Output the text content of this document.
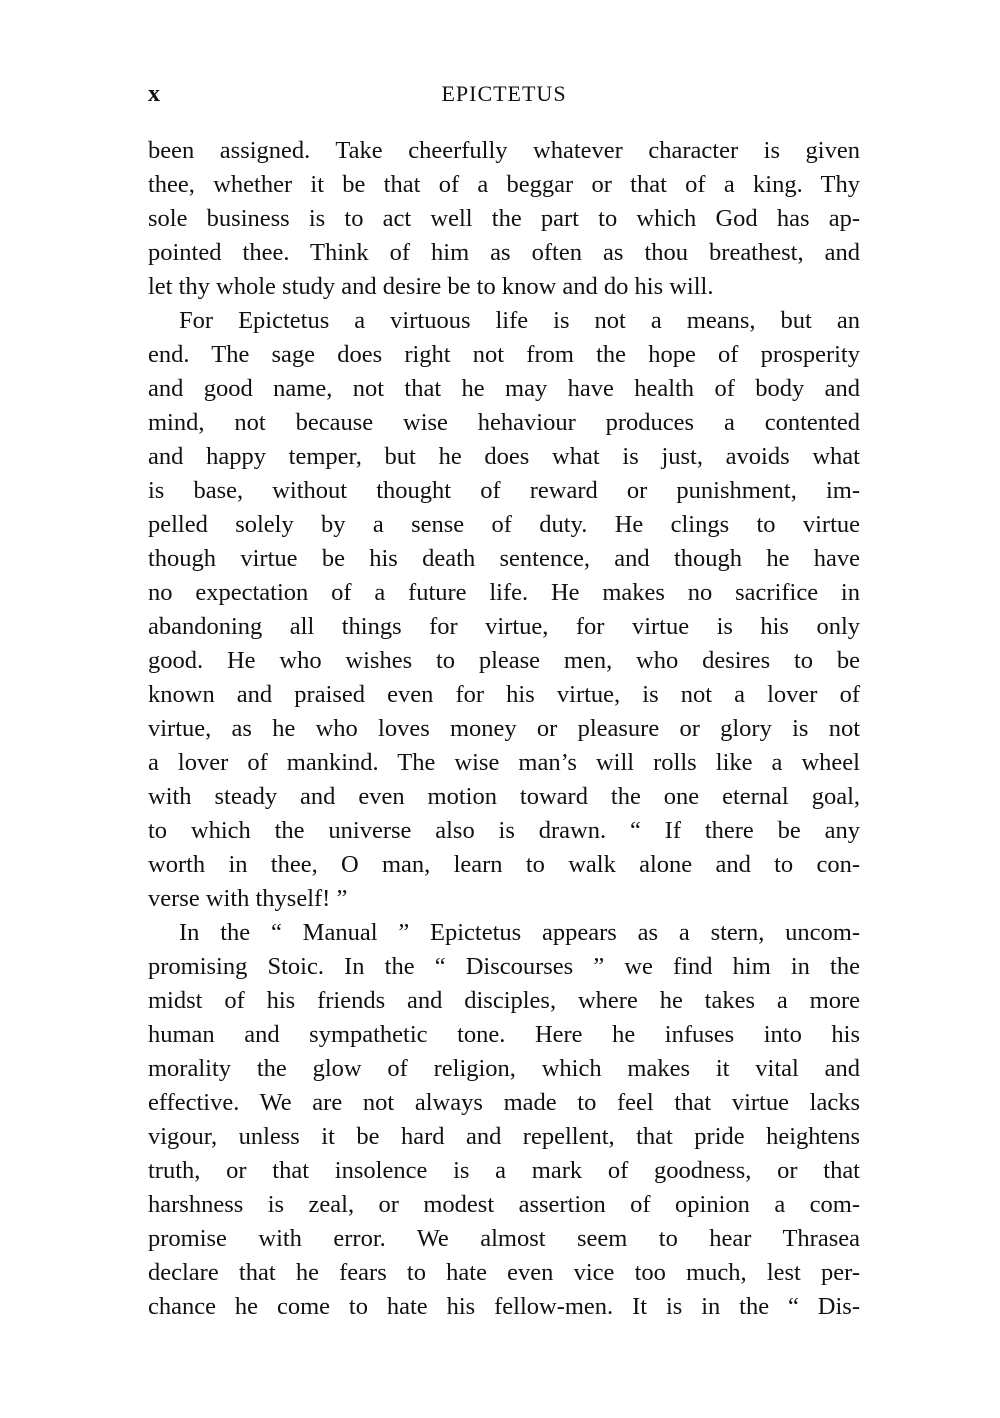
x	EPICTETUS
been assigned. Take cheerfully whatever character is given
thee, whether it be that of a beggar or that of a king. Thy
sole business is to act well the part to which God has ap-
pointed thee. Think of him as often as thou breathest, and
let thy whole study and desire be to know and do his will.
For Epictetus a virtuous life is not a means, but an
end. The sage does right not from the hope of prosperity
and good name, not that he may have health of body and
mind, not because wise hehaviour produces a contented
and happy temper, but he does what is just, avoids what
is base, without thought of reward or punishment, im-
pelled solely by a sense of duty. He clings to virtue
though virtue be his death sentence, and though he have
no expectation of a future life. He makes no sacrifice in
abandoning all things for virtue, for virtue is his only
good. He who wishes to please men, who desires to be
known and praised even for his virtue, is not a lover of
virtue, as he who loves money or pleasure or glory is not
a lover of mankind. The wise man’s will rolls like a wheel
with steady and even motion toward the one eternal goal,
to which the universe also is drawn. “ If there be any
worth in thee, O man, learn to walk alone and to con-
verse with thyself! ”
In the “ Manual ” Epictetus appears as a stern, uncom-
promising Stoic. In the “ Discourses ” we find him in the
midst of his friends and disciples, where he takes a more
human and sympathetic tone. Here he infuses into his
morality the glow of religion, which makes it vital and
effective. We are not always made to feel that virtue lacks
vigour, unless it be hard and repellent, that pride heightens
truth, or that insolence is a mark of goodness, or that
harshness is zeal, or modest assertion of opinion a com-
promise with error. We almost seem to hear Thrasea
declare that he fears to hate even vice too much, lest per-
chance he come to hate his fellow-men. It is in the “ Dis-
